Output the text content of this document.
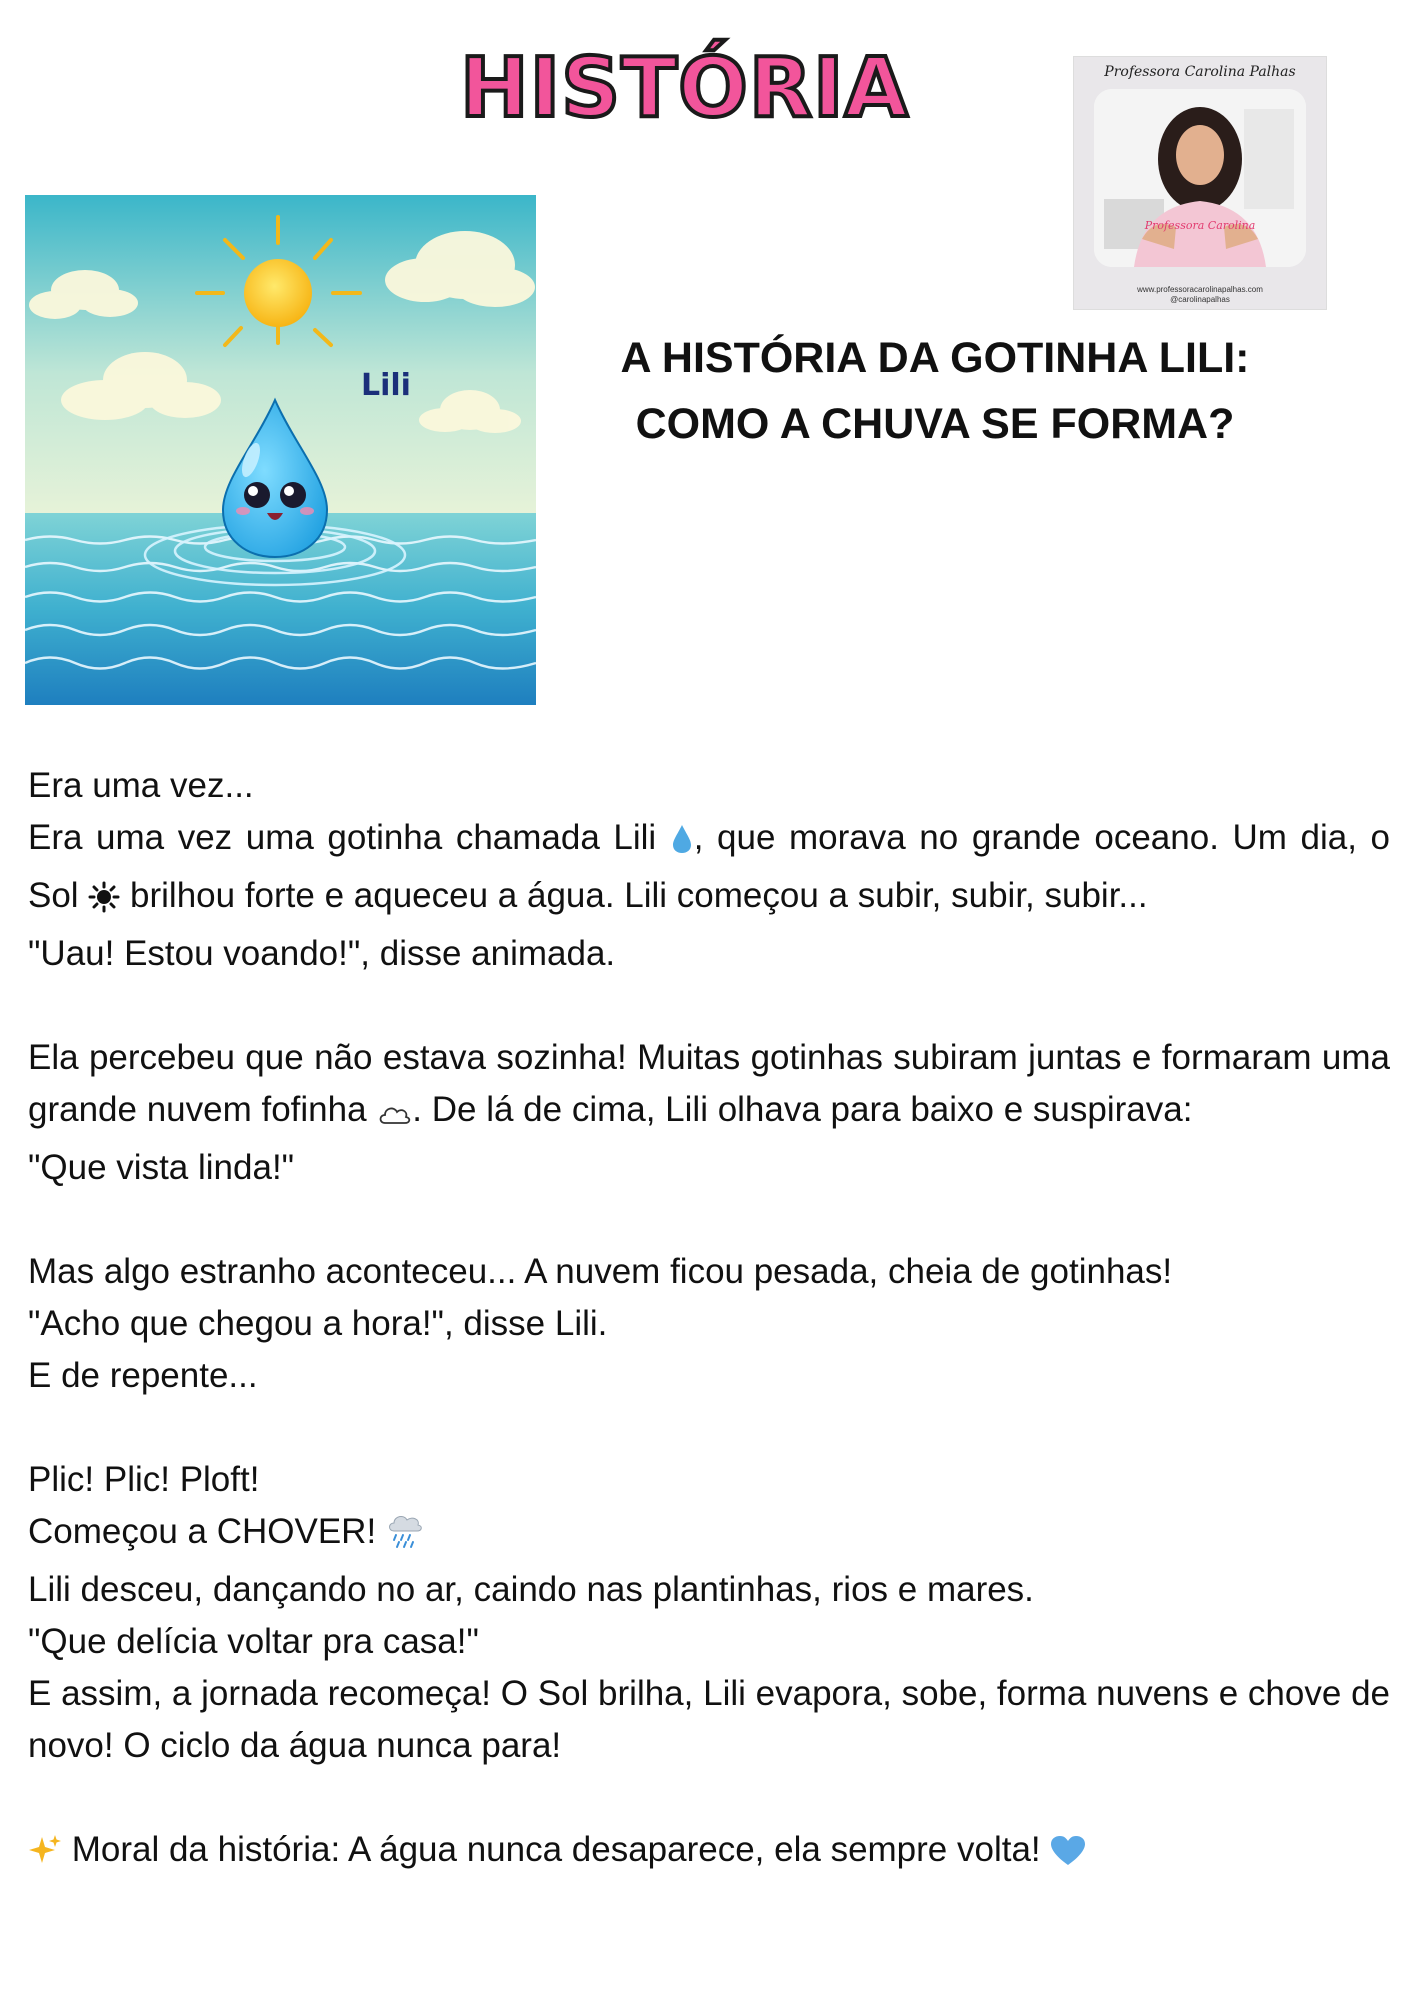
HISTÓRIA	Professora Carolina Palhas
Professora Carolina
www.professoracarolinapalhas.com
@carolinapalhas
Lili
A HISTÓRIA DA GOTINHA LILI:
COMO A CHUVA SE FORMA?

Era uma vez...

Era uma vez uma gotinha chamada Lili , que morava no grande oceano. Um dia, o Sol  brilhou forte e aqueceu a água. Lili começou a subir, subir, subir...

"Uau! Estou voando!", disse animada.

Ela percebeu que não estava sozinha! Muitas gotinhas subiram juntas e formaram uma grande nuvem fofinha . De lá de cima, Lili olhava para baixo e suspirava:

"Que vista linda!"

Mas algo estranho aconteceu... A nuvem ficou pesada, cheia de gotinhas!

"Acho que chegou a hora!", disse Lili.

E de repente...

Plic! Plic! Ploft!

Começou a CHOVER!

Lili desceu, dançando no ar, caindo nas plantinhas, rios e mares.

"Que delícia voltar pra casa!"

E assim, a jornada recomeça! O Sol brilha, Lili evapora, sobe, forma nuvens e chove de novo! O ciclo da água nunca para!

Moral da história: A água nunca desaparece, ela sempre volta!
